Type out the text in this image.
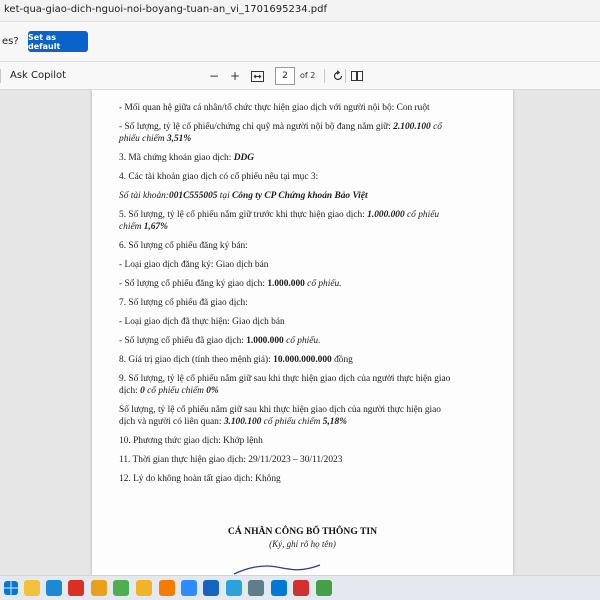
ket-qua-giao-dich-nguoi-noi-boyang-tuan-an_vi_1701695234.pdf
es? Set as default
Ask Copilot	− +	2	of 2

- Mối quan hệ giữa cá nhân/tổ chức thực hiện giao dịch với người nội bộ: Con ruột

- Số lượng, tỷ lệ cổ phiếu/chứng chỉ quỹ mà người nội bộ đang nắm giữ: 2.100.100 cổ

phiếu chiếm 3,51%

3. Mã chứng khoán giao dịch: DDG

4. Các tài khoản giao dịch có cổ phiếu nêu tại mục 3:

Số tài khoản:001C555005 tại Công ty CP Chứng khoán Bảo Việt

5. Số lượng, tỷ lệ cổ phiếu nắm giữ trước khi thực hiện giao dịch: 1.000.000 cổ phiếu

chiếm 1,67%

6. Số lượng cổ phiếu đăng ký bán:

- Loại giao dịch đăng ký: Giao dịch bán

- Số lượng cổ phiếu đăng ký giao dịch: 1.000.000 cổ phiếu.

7. Số lượng cổ phiếu đã giao dịch:

- Loại giao dịch đã thực hiện: Giao dịch bán

- Số lượng cổ phiếu đã giao dịch: 1.000.000 cổ phiếu.

8. Giá trị giao dịch (tính theo mệnh giá): 10.000.000.000 đồng

9. Số lượng, tỷ lệ cổ phiếu nắm giữ sau khi thực hiện giao dịch của người thực hiện giao

dịch: 0 cổ phiếu chiếm 0%

Số lượng, tỷ lệ cổ phiếu nắm giữ sau khi thực hiện giao dịch của người thực hiện giao

dịch và người có liên quan: 3.100.100 cổ phiếu chiếm 5,18%

10. Phương thức giao dịch: Khớp lệnh

11. Thời gian thực hiện giao dịch: 29/11/2023 – 30/11/2023

12. Lý do không hoàn tất giao dịch: Không

CÁ NHÂN CÔNG BỐ THÔNG TIN
(Ký, ghi rõ họ tên)
